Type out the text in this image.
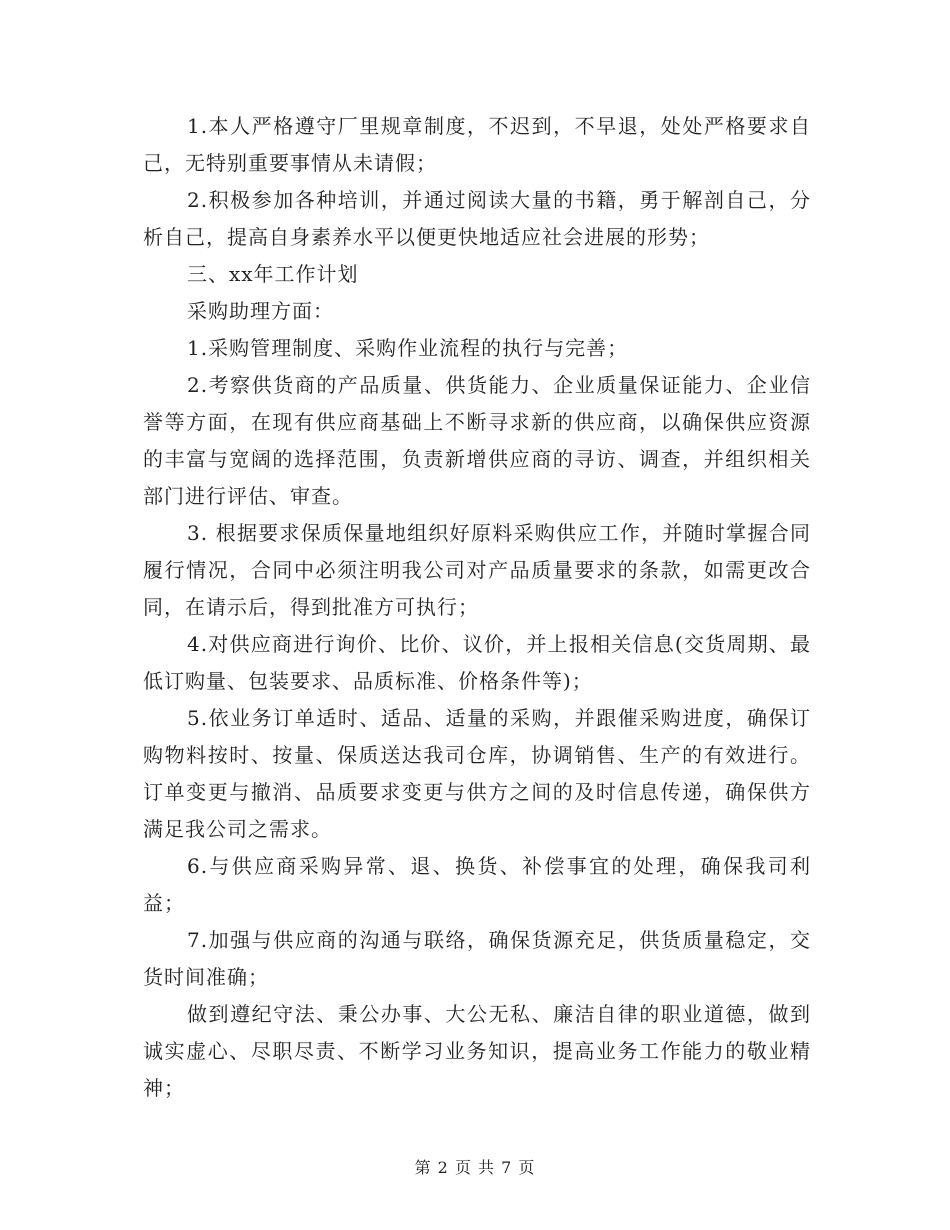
1.本人严格遵守厂里规章制度，不迟到，不早退，处处严格要求自己，无特别重要事情从未请假；

2.积极参加各种培训，并通过阅读大量的书籍，勇于解剖自己，分析自己，提高自身素养水平以便更快地适应社会进展的形势；

三、xx年工作计划

采购助理方面：

1.采购管理制度、采购作业流程的执行与完善；

2.考察供货商的产品质量、供货能力、企业质量保证能力、企业信誉等方面，在现有供应商基础上不断寻求新的供应商，以确保供应资源的丰富与宽阔的选择范围，负责新增供应商的寻访、调查，并组织相关部门进行评估、审查。

3. 根据要求保质保量地组织好原料采购供应工作，并随时掌握合同履行情况，合同中必须注明我公司对产品质量要求的条款，如需更改合同，在请示后，得到批准方可执行；

4.对供应商进行询价、比价、议价，并上报相关信息(交货周期、最低订购量、包装要求、品质标准、价格条件等)；

5.依业务订单适时、适品、适量的采购，并跟催采购进度，确保订购物料按时、按量、保质送达我司仓库，协调销售、生产的有效进行。订单变更与撤消、品质要求变更与供方之间的及时信息传递，确保供方满足我公司之需求。

6.与供应商采购异常、退、换货、补偿事宜的处理，确保我司利益；

7.加强与供应商的沟通与联络，确保货源充足，供货质量稳定，交货时间准确；

做到遵纪守法、秉公办事、大公无私、廉洁自律的职业道德，做到诚实虚心、尽职尽责、不断学习业务知识，提高业务工作能力的敬业精神；

第 2 页 共 7 页
